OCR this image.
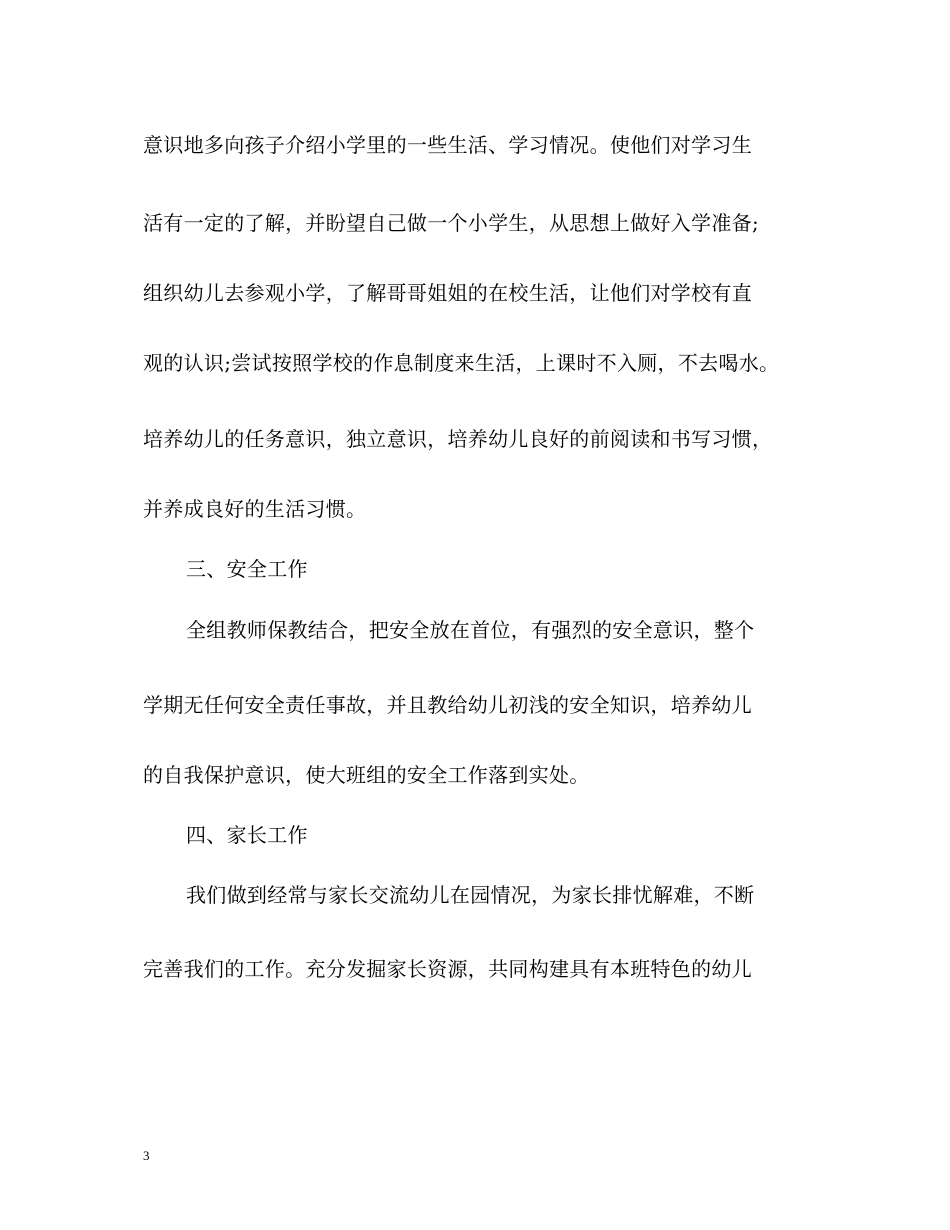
意识地多向孩子介绍小学里的一些生活、学习情况。使他们对学习生
活有一定的了解，并盼望自己做一个小学生，从思想上做好入学准备;
组织幼儿去参观小学，了解哥哥姐姐的在校生活，让他们对学校有直
观的认识;尝试按照学校的作息制度来生活，上课时不入厕，不去喝水。
培养幼儿的任务意识，独立意识，培养幼儿良好的前阅读和书写习惯，
并养成良好的生活习惯。
三、安全工作
全组教师保教结合，把安全放在首位，有强烈的安全意识，整个
学期无任何安全责任事故，并且教给幼儿初浅的安全知识，培养幼儿
的自我保护意识，使大班组的安全工作落到实处。
四、家长工作
我们做到经常与家长交流幼儿在园情况，为家长排忧解难，不断
完善我们的工作。充分发掘家长资源，共同构建具有本班特色的幼儿
3
